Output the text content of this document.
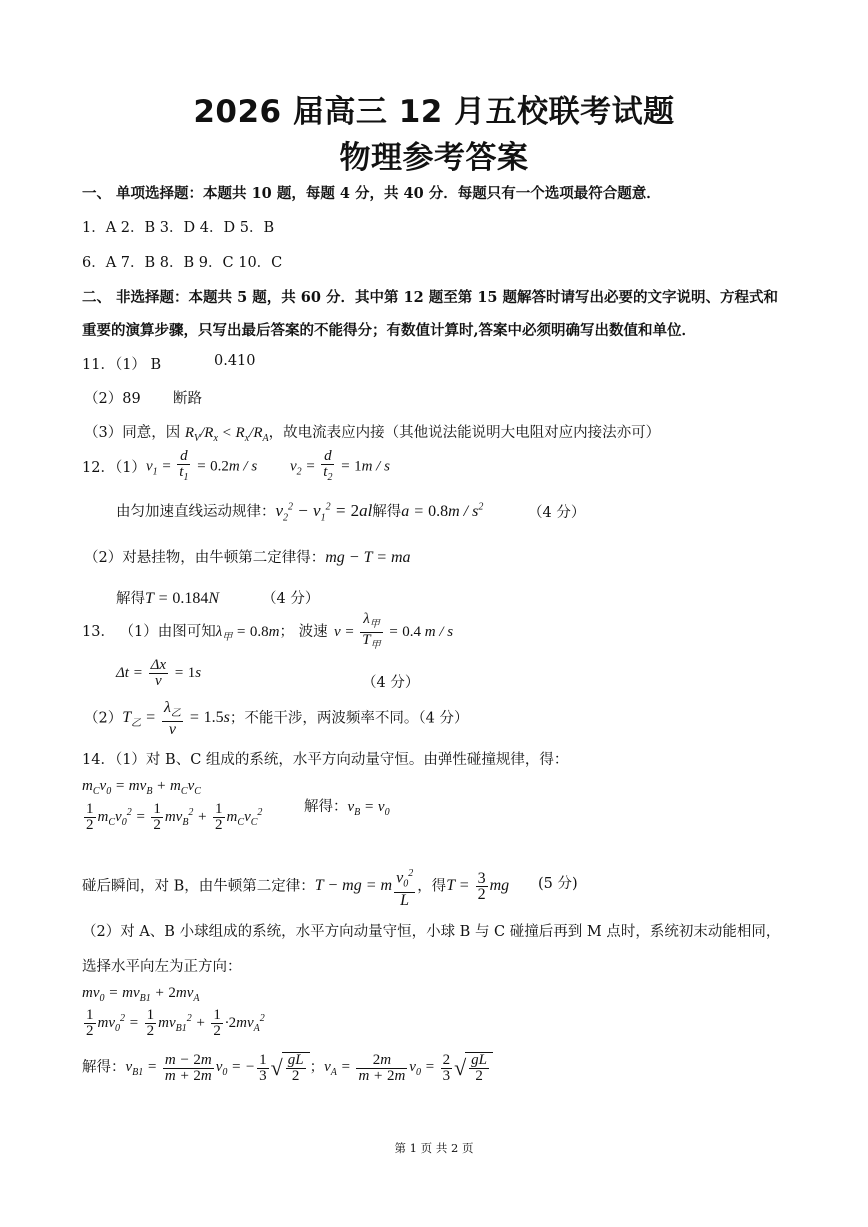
2026 届高三 12 月五校联考试题
物理参考答案
一、 单项选择题：本题共 10 题，每题 4 分，共 40 分．每题只有一个选项最符合题意．
1．A 2．B 3．D 4．D 5．B
6．A 7．B 8．B 9．C 10．C
二、 非选择题：本题共 5 题，共 60 分．其中第 12 题至第 15 题解答时请写出必要的文字说明、方程式和
重要的演算步骤，只写出最后答案的不能得分；有数值计算时,答案中必须明确写出数值和单位．
11．（1） B	0.410
（2）89 断路
（3）同意，因 $R_V/R_x < R_x/R_A$，故电流表应内接（其他说法能说明大电阻对应内接法亦可）
12．（1） $v_1 = \frac{d}{t_1} = 0.2m / s$ $v_2 = \frac{d}{t_2} = 1m / s$
由匀加速直线运动规律：$v_2^2 - v_1^2 = 2al$解得$a = 0.8m / s^2$	（4 分）
（2）对悬挂物，由牛顿第二定律得：mg − T = ma
解得T = 0.184N	（4 分）
13． （1）由图可知$\lambda_甲 = 0.8m$； 波速 $v = \frac{\lambda_甲}{T_甲} = 0.4$ m / s
$\Delta t = \frac{\Delta x}{v} = 1s$
（4 分）
$(2)T_乙 = \frac{\lambda_乙}{v} = 1.5s$；不能干涉，两波频率不同。（4 分）
14．（1）对 B、C 组成的系统，水平方向动量守恒。由弹性碰撞规律，得：
$m_Cv_0 = mv_B + m_Cv_C$
$\frac{1}{2} m_Cv_0^2 = \frac{1}{2} mv_B^2 + \frac{1}{2} m_Cv_C^2$	解得：$v_B = v_0$
碰后瞬间，对 B，由牛顿第二定律：T − mg = m $\frac{v_0^2}{L}$ ，得$T = \frac{3}{2}$ mg (5 分)
（2）对 A、B 小球组成的系统，水平方向动量守恒，小球 B 与 C 碰撞后再到 M 点时，系统初末动能相同，
选择水平向左为正方向：
$mv_0 = mv_{B1} + 2mv_A$
$\frac{1}{2} mv_0^2 = \frac{1}{2} mv_{B1}^2 + \frac{1}{2} \cdot 2mv_A^2$
解得：$v_{B1} = \frac{m - 2m}{m + 2m} v_0$ = − $\frac{1}{3}$ √ $\frac{gL}{2}$ ；$v_A = \frac{2m}{m + 2m} v_0 = \frac{2}{3}$ √ $\frac{gL}{2}$
第 1 页 共 2 页
